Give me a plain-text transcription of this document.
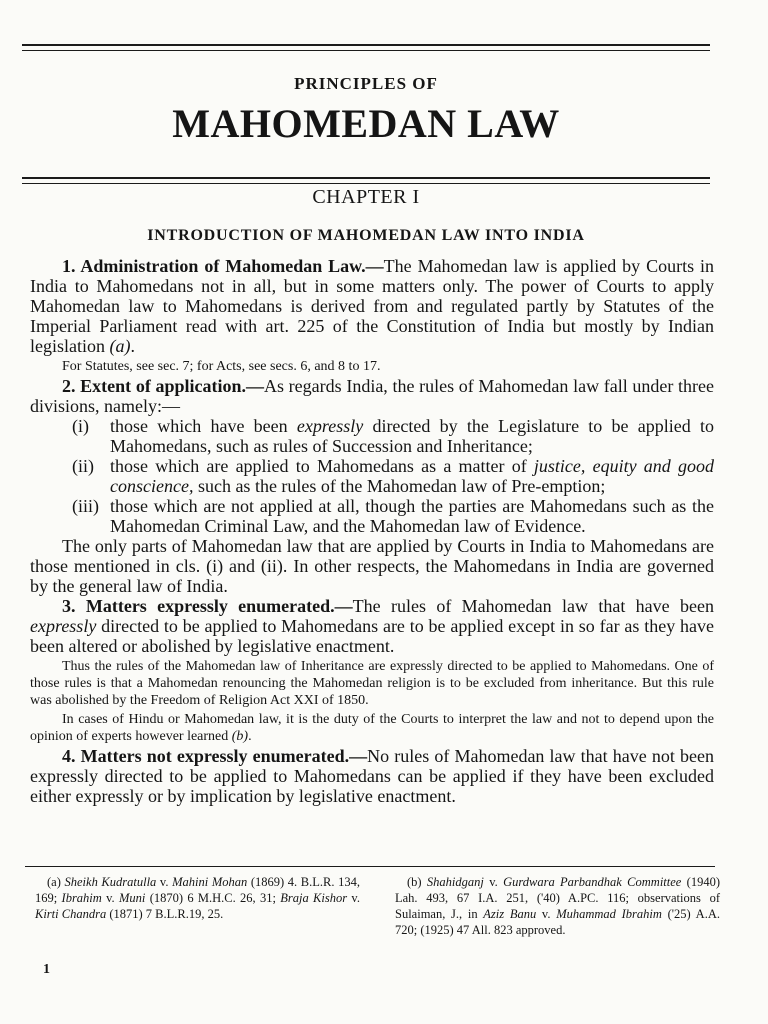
PRINCIPLES OF
MAHOMEDAN LAW
CHAPTER I
INTRODUCTION OF MAHOMEDAN LAW INTO INDIA

1. Administration of Mahomedan Law.—The Mahomedan law is applied by Courts in India to Mahomedans not in all, but in some matters only. The power of Courts to apply Mahomedan law to Mahomedans is derived from and regulated partly by Statutes of the Imperial Parliament read with art. 225 of the Constitution of India but mostly by Indian legislation (a).

For Statutes, see sec. 7; for Acts, see secs. 6, and 8 to 17.

2. Extent of application.—As regards India, the rules of Mahomedan law fall under three divisions, namely:—

(i) those which have been expressly directed by the Legislature to be applied to Mahomedans, such as rules of Succession and Inheritance;

(ii) those which are applied to Mahomedans as a matter of justice, equity and good conscience, such as the rules of the Mahomedan law of Pre-emption;

(iii) those which are not applied at all, though the parties are Mahomedans such as the Mahomedan Criminal Law, and the Mahomedan law of Evidence.

The only parts of Mahomedan law that are applied by Courts in India to Mahomedans are those mentioned in cls. (i) and (ii). In other respects, the Mahomedans in India are governed by the general law of India.

3. Matters expressly enumerated.—The rules of Mahomedan law that have been expressly directed to be applied to Mahomedans are to be applied except in so far as they have been altered or abolished by legislative enactment.

Thus the rules of the Mahomedan law of Inheritance are expressly directed to be applied to Mahomedans. One of those rules is that a Mahomedan renouncing the Mahomedan religion is to be excluded from inheritance. But this rule was abolished by the Freedom of Religion Act XXI of 1850.

In cases of Hindu or Mahomedan law, it is the duty of the Courts to interpret the law and not to depend upon the opinion of experts however learned (b).

4. Matters not expressly enumerated.—No rules of Mahomedan law that have not been expressly directed to be applied to Mahomedans can be applied if they have been excluded either expressly or by implication by legislative enactment.

(a) Sheikh Kudratulla v. Mahini Mohan (1869) 4. B.L.R. 134, 169; Ibrahim v. Muni (1870) 6 M.H.C. 26, 31; Braja Kishor v. Kirti Chandra (1871) 7 B.L.R.19, 25.
(b) Shahidganj v. Gurdwara Parbandhak Committee (1940) Lah. 493, 67 I.A. 251, ('40) A.PC. 116; observations of Sulaiman, J., in Aziz Banu v. Muhammad Ibrahim ('25) A.A. 720; (1925) 47 All. 823 approved.
1
